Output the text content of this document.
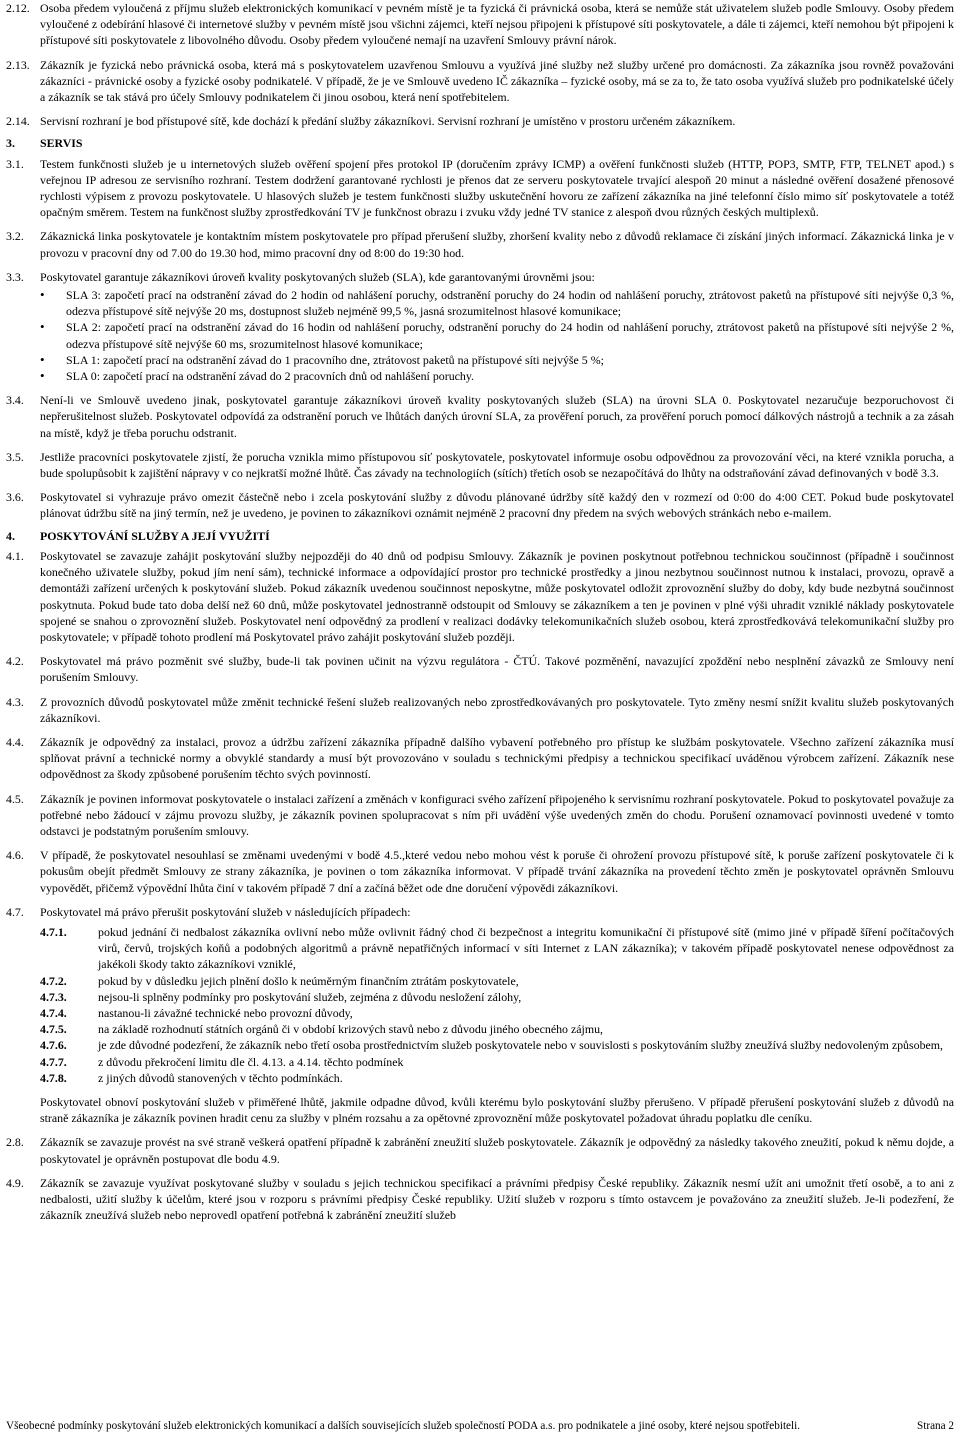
2.12. Osoba předem vyloučená z příjmu služeb elektronických komunikací v pevném místě je ta fyzická či právnická osoba, která se nemůže stát uživatelem služeb podle Smlouvy. Osoby předem vyloučené z odebírání hlasové či internetové služby v pevném místě jsou všichni zájemci, kteří nejsou připojeni k přístupové síti poskytovatele, a dále ti zájemci, kteří nemohou být připojeni k přístupové síti poskytovatele z libovolného důvodu. Osoby předem vyloučené nemají na uzavření Smlouvy právní nárok.
2.13. Zákazník je fyzická nebo právnická osoba, která má s poskytovatelem uzavřenou Smlouvu a využívá jiné služby než služby určené pro domácnosti. Za zákazníka jsou rovněž považováni zákazníci - právnické osoby a fyzické osoby podnikatelé. V případě, že je ve Smlouvě uvedeno IČ zákazníka – fyzické osoby, má se za to, že tato osoba využívá služeb pro podnikatelské účely a zákazník se tak stává pro účely Smlouvy podnikatelem či jinou osobou, která není spotřebitelem.
2.14. Servisní rozhraní je bod přístupové sítě, kde dochází k předání služby zákazníkovi. Servisní rozhraní je umístěno v prostoru určeném zákazníkem.
3. SERVIS
3.1. Testem funkčnosti služeb je u internetových služeb ověření spojení přes protokol IP (doručením zprávy ICMP) a ověření funkčnosti služeb (HTTP, POP3, SMTP, FTP, TELNET apod.) s veřejnou IP adresou ze servisního rozhraní. Testem dodržení garantované rychlosti je přenos dat ze serveru poskytovatele trvající alespoň 20 minut a následné ověření dosažené přenosové rychlosti výpisem z provozu poskytovatele. U hlasových služeb je testem funkčnosti služby uskutečnění hovoru ze zařízení zákazníka na jiné telefonní číslo mimo síť poskytovatele a totéž opačným směrem. Testem na funkčnost služby zprostředkování TV je funkčnost obrazu i zvuku vždy jedné TV stanice z alespoň dvou různých českých multiplexů.
3.2. Zákaznická linka poskytovatele je kontaktním místem poskytovatele pro případ přerušení služby, zhoršení kvality nebo z důvodů reklamace či získání jiných informací. Zákaznická linka je v provozu v pracovní dny od 7.00 do 19.30 hod, mimo pracovní dny od 8:00 do 19:30 hod.
3.3. Poskytovatel garantuje zákazníkovi úroveň kvality poskytovaných služeb (SLA), kde garantovanými úrovněmi jsou:
• SLA 3: započetí prací na odstranění závad do 2 hodin od nahlášení poruchy, odstranění poruchy do 24 hodin od nahlášení poruchy, ztrátovost paketů na přístupové síti nejvýše 0,3 %, odezva přístupové sítě nejvýše 20 ms, dostupnost služeb nejméně 99,5 %, jasná srozumitelnost hlasové komunikace;
• SLA 2: započetí prací na odstranění závad do 16 hodin od nahlášení poruchy, odstranění poruchy do 24 hodin od nahlášení poruchy, ztrátovost paketů na přístupové síti nejvýše 2 %, odezva přístupové sítě nejvýše 60 ms, srozumitelnost hlasové komunikace;
• SLA 1: započetí prací na odstranění závad do 1 pracovního dne, ztrátovost paketů na přístupové síti nejvýše 5 %;
• SLA 0: započetí prací na odstranění závad do 2 pracovních dnů od nahlášení poruchy.
3.4. Není-li ve Smlouvě uvedeno jinak, poskytovatel garantuje zákazníkovi úroveň kvality poskytovaných služeb (SLA) na úrovni SLA 0. Poskytovatel nezaručuje bezporuchovost či nepřerušitelnost služeb. Poskytovatel odpovídá za odstranění poruch ve lhůtách daných úrovní SLA, za prověření poruch, za prověření poruch pomocí dálkových nástrojů a technik a za zásah na místě, když je třeba poruchu odstranit.
3.5. Jestliže pracovníci poskytovatele zjistí, že porucha vznikla mimo přístupovou síť poskytovatele, poskytovatel informuje osobu odpovědnou za provozování věci, na které vznikla porucha, a bude spolupůsobit k zajištění nápravy v co nejkratší možné lhůtě. Čas závady na technologiích (sítích) třetích osob se nezapočítává do lhůty na odstraňování závad definovaných v bodě 3.3.
3.6. Poskytovatel si vyhrazuje právo omezit částečně nebo i zcela poskytování služby z důvodu plánované údržby sítě každý den v rozmezí od 0:00 do 4:00 CET. Pokud bude poskytovatel plánovat údržbu sítě na jiný termín, než je uvedeno, je povinen to zákazníkovi oznámit nejméně 2 pracovní dny předem na svých webových stránkách nebo e-mailem.
4. POSKYTOVÁNÍ SLUŽBY A JEJÍ VYUŽITÍ
4.1. Poskytovatel se zavazuje zahájit poskytování služby nejpozději do 40 dnů od podpisu Smlouvy. Zákazník je povinen poskytnout potřebnou technickou součinnost (případně i součinnost konečného uživatele služby, pokud jím není sám), technické informace a odpovídající prostor pro technické prostředky a jinou nezbytnou součinnost nutnou k instalaci, provozu, opravě a demontáži zařízení určených k poskytování služeb. Pokud zákazník uvedenou součinnost neposkytne, může poskytovatel odložit zprovoznění služby do doby, kdy bude nezbytná součinnost poskytnuta. Pokud bude tato doba delší než 60 dnů, může poskytovatel jednostranně odstoupit od Smlouvy se zákazníkem a ten je povinen v plné výši uhradit vzniklé náklady poskytovatele spojené se snahou o zprovoznění služeb. Poskytovatel není odpovědný za prodlení v realizaci dodávky telekomunikačních služeb osobou, která zprostředkovává telekomunikační služby pro poskytovatele; v případě tohoto prodlení má Poskytovatel právo zahájit poskytování služeb později.
4.2. Poskytovatel má právo pozměnit své služby, bude-li tak povinen učinit na výzvu regulátora - ČTÚ. Takové pozměnění, navazující zpoždění nebo nesplnění závazků ze Smlouvy není porušením Smlouvy.
4.3. Z provozních důvodů poskytovatel může změnit technické řešení služeb realizovaných nebo zprostředkovávaných pro poskytovatele. Tyto změny nesmí snížit kvalitu služeb poskytovaných zákazníkovi.
4.4. Zákazník je odpovědný za instalaci, provoz a údržbu zařízení zákazníka případně dalšího vybavení potřebného pro přístup ke službám poskytovatele. Všechno zařízení zákazníka musí splňovat právní a technické normy a obvyklé standardy a musí být provozováno v souladu s technickými předpisy a technickou specifikací uváděnou výrobcem zařízení. Zákazník nese odpovědnost za škody způsobené porušením těchto svých povinností.
4.5. Zákazník je povinen informovat poskytovatele o instalaci zařízení a změnách v konfiguraci svého zařízení připojeného k servisnímu rozhraní poskytovatele. Pokud to poskytovatel považuje za potřebné nebo žádoucí v zájmu provozu služby, je zákazník povinen spolupracovat s ním při uvádění výše uvedených změn do chodu. Porušení oznamovací povinnosti uvedené v tomto odstavci je podstatným porušením smlouvy.
4.6. V případě, že poskytovatel nesouhlasí se změnami uvedenými v bodě 4.5.,které vedou nebo mohou vést k poruše či ohrožení provozu přístupové sítě, k poruše zařízení poskytovatele či k pokusům obejít předmět Smlouvy ze strany zákazníka, je povinen o tom zákazníka informovat. V případě trvání zákazníka na provedení těchto změn je poskytovatel oprávněn Smlouvu vypovědět, přičemž výpovědní lhůta činí v takovém případě 7 dní a začíná běžet ode dne doručení výpovědi zákazníkovi.
4.7. Poskytovatel má právo přerušit poskytování služeb v následujících případech:
4.7.1.	pokud jednání či nedbalost zákazníka ovlivní nebo může ovlivnit řádný chod či bezpečnost a integritu komunikační či přístupové sítě (mimo jiné v případě šíření počítačových virů, červů, trojských koňů a podobných algoritmů a právně nepatřičných informací v síti Internet z LAN zákazníka); v takovém případě poskytovatel nenese odpovědnost za jakékoli škody takto zákazníkovi vzniklé,
4.7.2.	pokud by v důsledku jejich plnění došlo k neúměrným finančním ztrátám poskytovatele,
4.7.3.	nejsou-li splněny podmínky pro poskytování služeb, zejména z důvodu nesložení zálohy,
4.7.4.	nastanou-li závažné technické nebo provozní důvody,
4.7.5.	na základě rozhodnutí státních orgánů či v období krizových stavů nebo z důvodu jiného obecného zájmu,
4.7.6.	je zde důvodné podezření, že zákazník nebo třetí osoba prostřednictvím služeb poskytovatele nebo v souvislosti s poskytováním služby zneužívá služby nedovoleným způsobem,
4.7.7.	z důvodu překročení limitu dle čl. 4.13. a 4.14. těchto podmínek
4.7.8.	z jiných důvodů stanovených v těchto podmínkách.
Poskytovatel obnoví poskytování služeb v přiměřené lhůtě, jakmile odpadne důvod, kvůli kterému bylo poskytování služby přerušeno. V případě přerušení poskytování služeb z důvodů na straně zákazníka je zákazník povinen hradit cenu za služby v plném rozsahu a za opětovné zprovoznění může poskytovatel požadovat úhradu poplatku dle ceníku.
2.8. Zákazník se zavazuje provést na své straně veškerá opatření případně k zabránění zneužití služeb poskytovatele. Zákazník je odpovědný za následky takového zneužití, pokud k němu dojde, a poskytovatel je oprávněn postupovat dle bodu 4.9.
4.9. Zákazník se zavazuje využívat poskytované služby v souladu s jejich technickou specifikací a právními předpisy České republiky. Zákazník nesmí užít ani umožnit třetí osobě, a to ani z nedbalosti, užití služby k účelům, které jsou v rozporu s právními předpisy České republiky. Užití služeb v rozporu s tímto ostavcem je považováno za zneužití služeb. Je-li podezření, že zákazník zneužívá služeb nebo neprovedl opatření potřebná k zabránění zneužití služeb
Všeobecné podmínky poskytování služeb elektronických komunikací a dalších souvisejících služeb společností PODA a.s. pro podnikatele a jiné osoby, které nejsou spotřebiteli.	Strana 2
